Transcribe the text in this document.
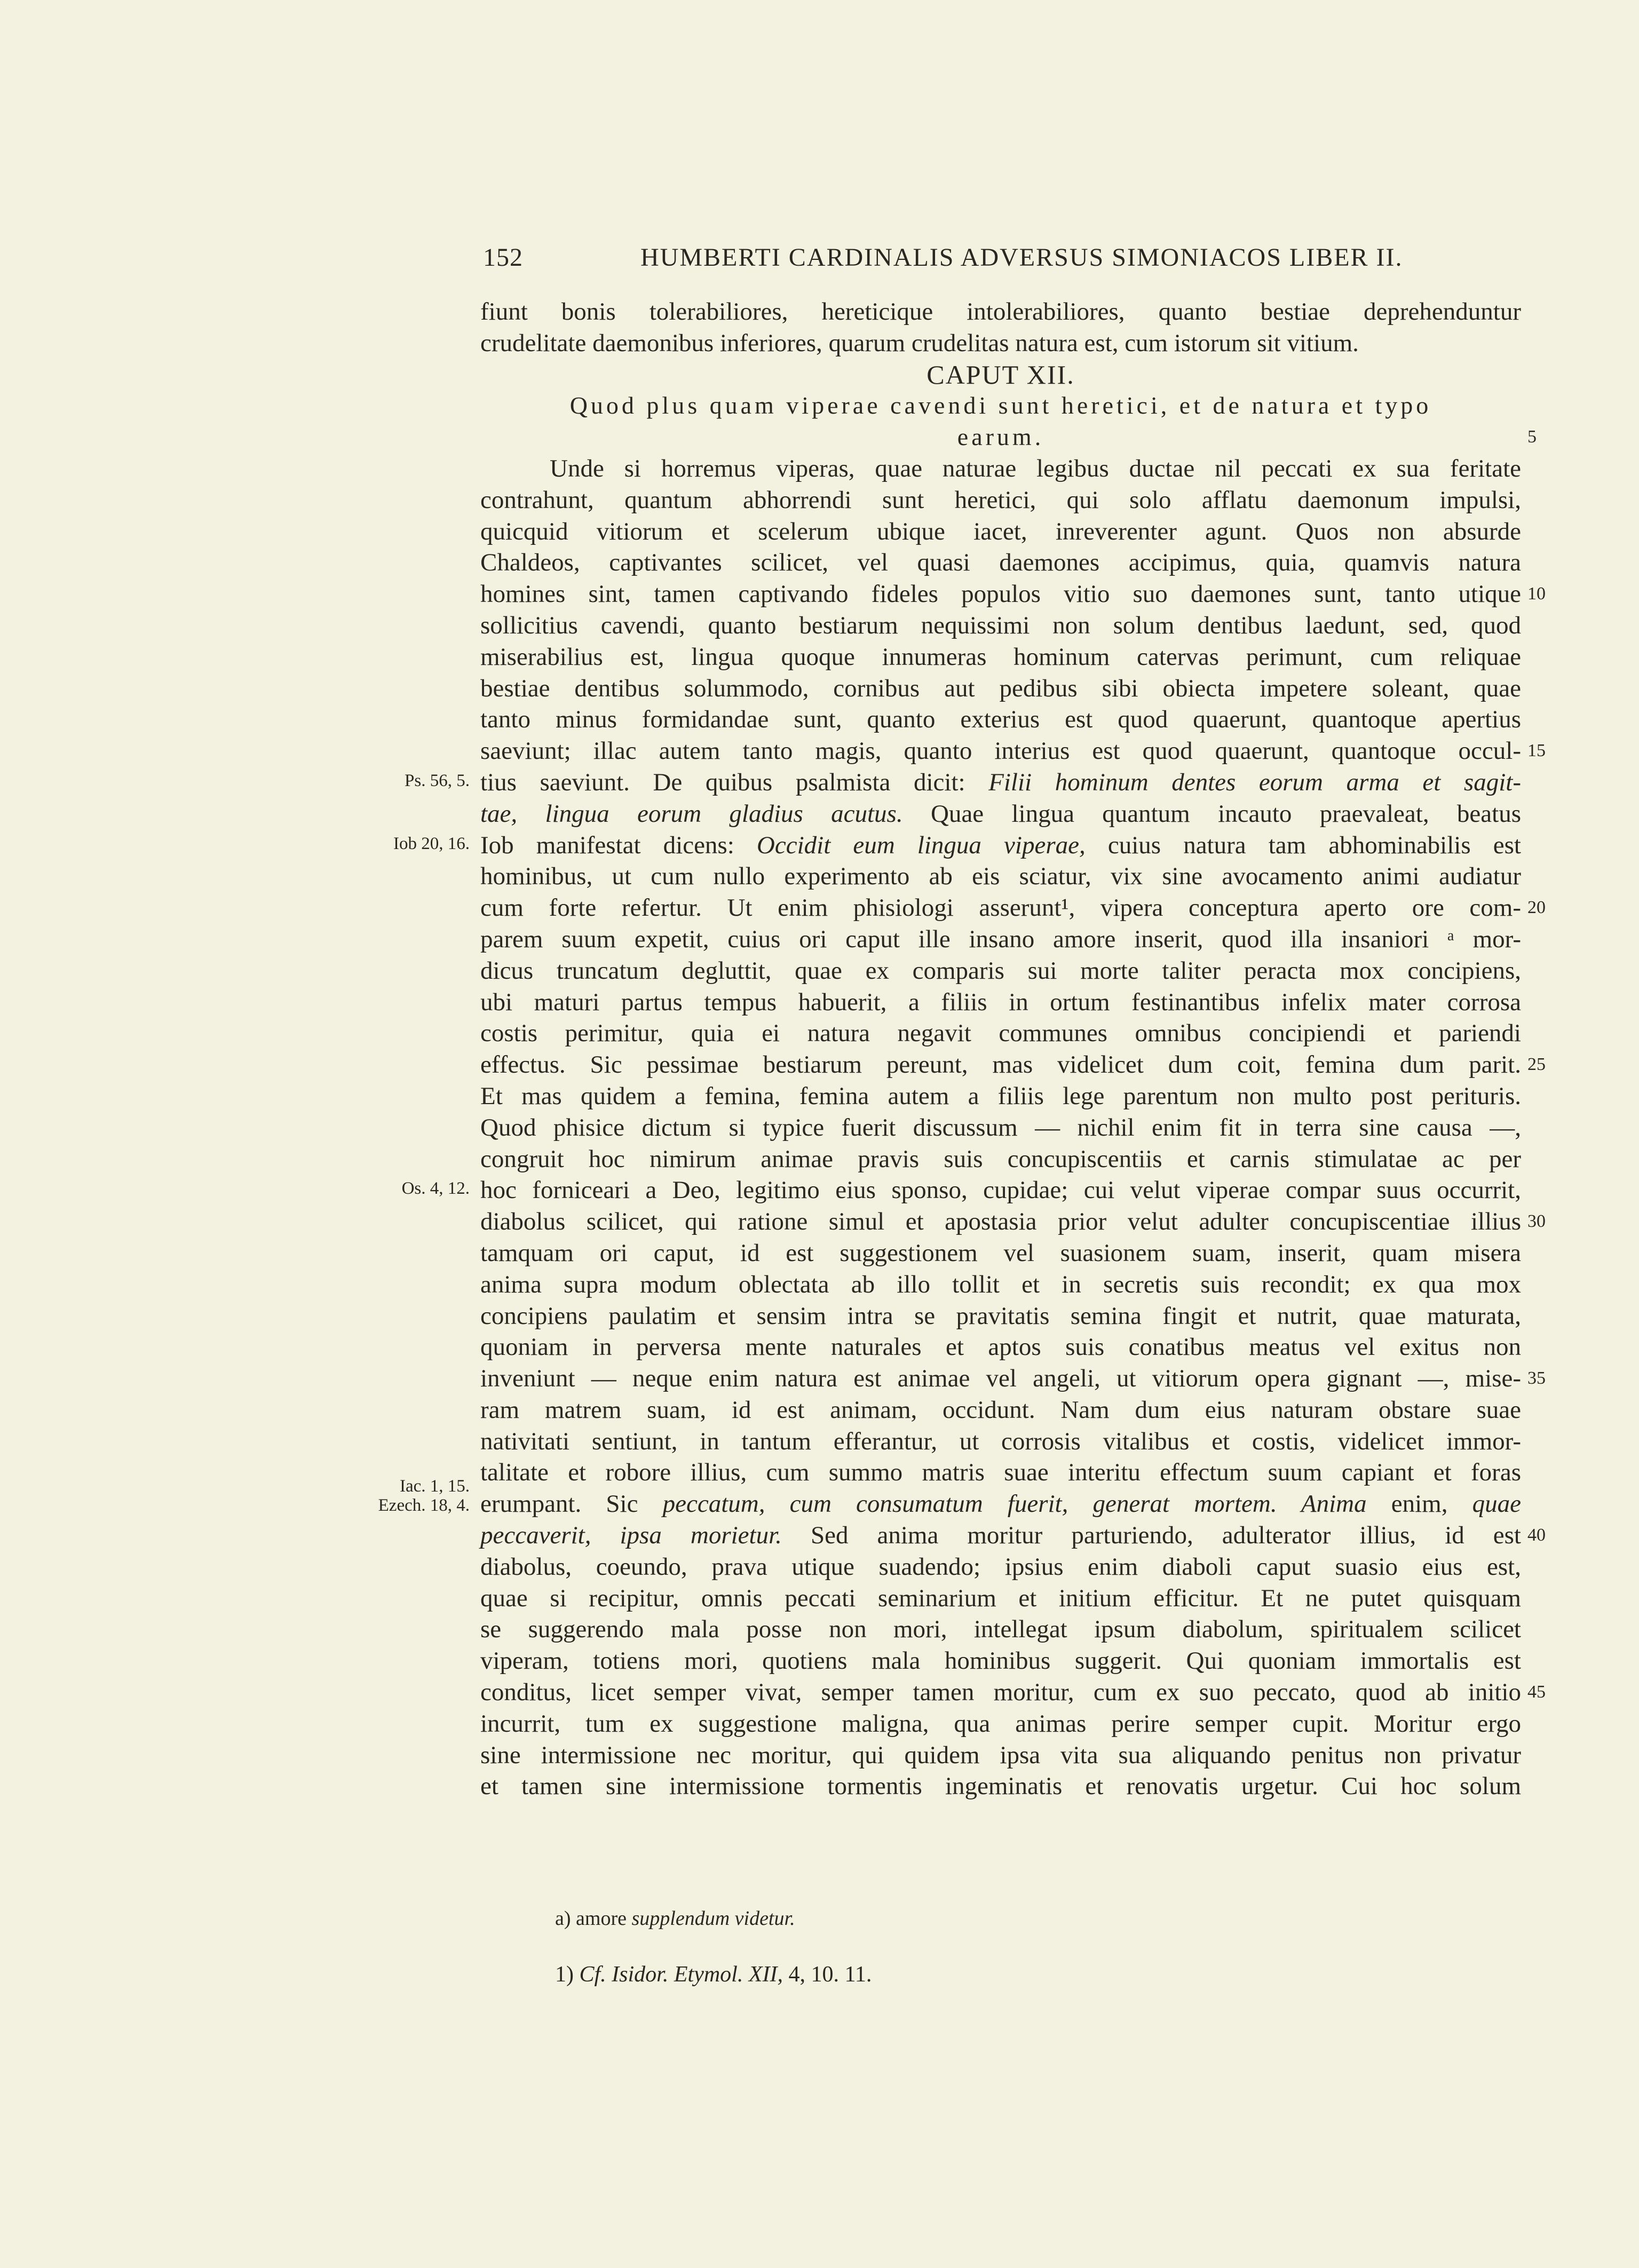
152	HUMBERTI CARDINALIS ADVERSUS SIMONIACOS LIBER II.
fiunt bonis tolerabiliores, hereticique intolerabiliores, quanto bestiae deprehenduntur
crudelitate daemonibus inferiores, quarum crudelitas natura est, cum istorum sit vitium.
CAPUT XII.
Quod plus quam viperae cavendi sunt heretici, et de natura et typo
earum.	5
Unde si horremus viperas, quae naturae legibus ductae nil peccati ex sua feritate
contrahunt, quantum abhorrendi sunt heretici, qui solo afflatu daemonum impulsi,
quicquid vitiorum et scelerum ubique iacet, inreverenter agunt. Quos non absurde
Chaldeos, captivantes scilicet, vel quasi daemones accipimus, quia, quamvis natura
homines sint, tamen captivando fideles populos vitio suo daemones sunt, tanto utique 10
sollicitius cavendi, quanto bestiarum nequissimi non solum dentibus laedunt, sed, quod
miserabilius est, lingua quoque innumeras hominum catervas perimunt, cum reliquae
bestiae dentibus solummodo, cornibus aut pedibus sibi obiecta impetere soleant, quae
tanto minus formidandae sunt, quanto exterius est quod quaerunt, quantoque apertius
saeviunt; illac autem tanto magis, quanto interius est quod quaerunt, quantoque occul- 15
tius saeviunt. De quibus psalmista dicit: Filii hominum dentes eorum arma et sagit-
Ps. 56, 5.
tae, lingua eorum gladius acutus. Quae lingua quantum incauto praevaleat, beatus
Iob manifestat dicens: Occidit eum lingua viperae, cuius natura tam abhominabilis est
Iob 20, 16.
hominibus, ut cum nullo experimento ab eis sciatur, vix sine avocamento animi audiatur
cum forte refertur. Ut enim phisiologi asserunt¹, vipera conceptura aperto ore com- 20
parem suum expetit, cuius ori caput ille insano amore inserit, quod illa insaniori ᵃ mor-
dicus truncatum degluttit, quae ex comparis sui morte taliter peracta mox concipiens,
ubi maturi partus tempus habuerit, a filiis in ortum festinantibus infelix mater corrosa
costis perimitur, quia ei natura negavit communes omnibus concipiendi et pariendi
effectus. Sic pessimae bestiarum pereunt, mas videlicet dum coit, femina dum parit. 25
Et mas quidem a femina, femina autem a filiis lege parentum non multo post perituris.
Quod phisice dictum si typice fuerit discussum — nichil enim fit in terra sine causa —,
congruit hoc nimirum animae pravis suis concupiscentiis et carnis stimulatae ac per
hoc forniceari a Deo, legitimo eius sponso, cupidae; cui velut viperae compar suus occurrit,
Os. 4, 12.
diabolus scilicet, qui ratione simul et apostasia prior velut adulter concupiscentiae illius 30
tamquam ori caput, id est suggestionem vel suasionem suam, inserit, quam misera
anima supra modum oblectata ab illo tollit et in secretis suis recondit; ex qua mox
concipiens paulatim et sensim intra se pravitatis semina fingit et nutrit, quae maturata,
quoniam in perversa mente naturales et aptos suis conatibus meatus vel exitus non
inveniunt — neque enim natura est animae vel angeli, ut vitiorum opera gignant —, mise- 35
ram matrem suam, id est animam, occidunt. Nam dum eius naturam obstare suae
nativitati sentiunt, in tantum efferantur, ut corrosis vitalibus et costis, videlicet immor-
talitate et robore illius, cum summo matris suae interitu effectum suum capiant et foras
erumpant. Sic peccatum, cum consumatum fuerit, generat mortem. Anima enim, quae
Iac. 1, 15.
Ezech. 18, 4.
peccaverit, ipsa morietur. Sed anima moritur parturiendo, adulterator illius, id est 40
diabolus, coeundo, prava utique suadendo; ipsius enim diaboli caput suasio eius est,
quae si recipitur, omnis peccati seminarium et initium efficitur. Et ne putet quisquam
se suggerendo mala posse non mori, intellegat ipsum diabolum, spiritualem scilicet
viperam, totiens mori, quotiens mala hominibus suggerit. Qui quoniam immortalis est
conditus, licet semper vivat, semper tamen moritur, cum ex suo peccato, quod ab initio 45
incurrit, tum ex suggestione maligna, qua animas perire semper cupit. Moritur ergo
sine intermissione nec moritur, qui quidem ipsa vita sua aliquando penitus non privatur
et tamen sine intermissione tormentis ingeminatis et renovatis urgetur. Cui hoc solum
a) amore supplendum videtur.
1) Cf. Isidor. Etymol. XII, 4, 10. 11.
